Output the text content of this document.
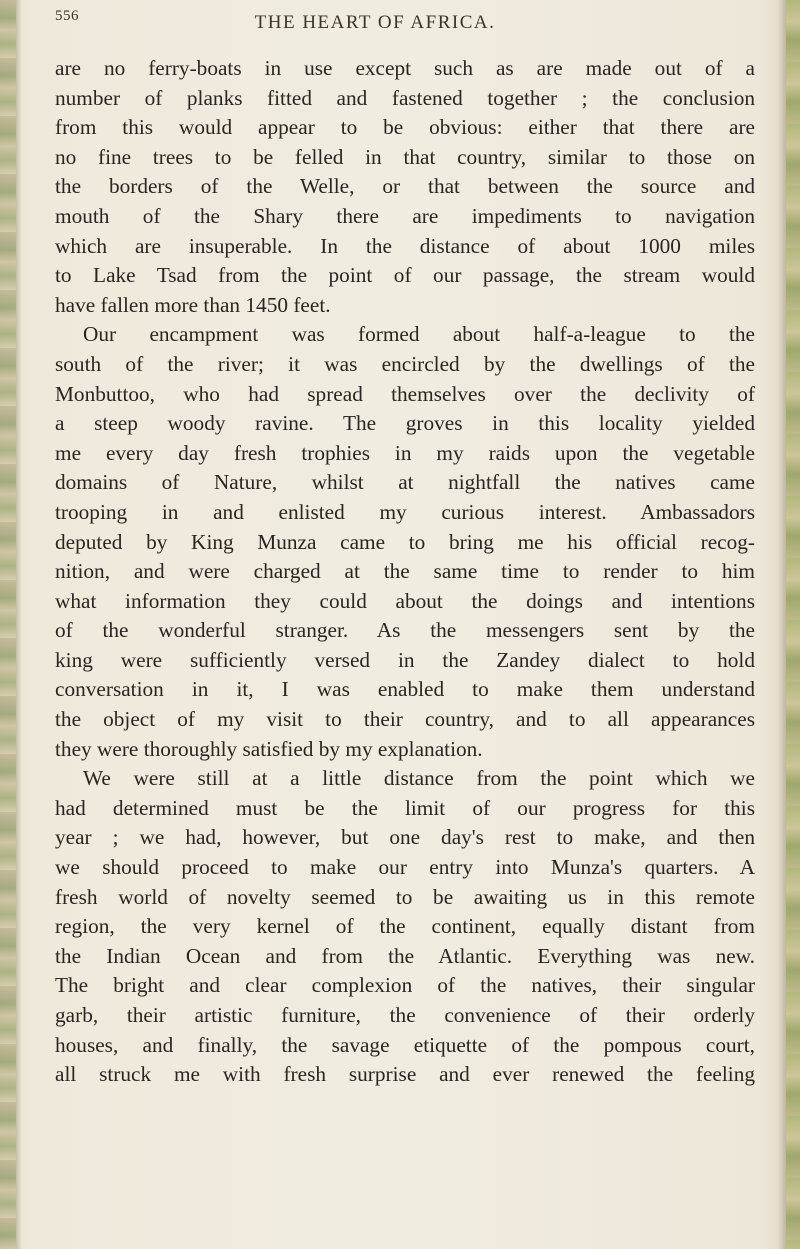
556	THE HEART OF AFRICA.
are no ferry-boats in use except such as are made out of a
number of planks fitted and fastened together ; the conclusion
from this would appear to be obvious: either that there are
no fine trees to be felled in that country, similar to those on
the borders of the Welle, or that between the source and
mouth of the Shary there are impediments to navigation
which are insuperable. In the distance of about 1000 miles
to Lake Tsad from the point of our passage, the stream would
have fallen more than 1450 feet.
Our encampment was formed about half-a-league to the
south of the river; it was encircled by the dwellings of the
Monbuttoo, who had spread themselves over the declivity of
a steep woody ravine. The groves in this locality yielded
me every day fresh trophies in my raids upon the vegetable
domains of Nature, whilst at nightfall the natives came
trooping in and enlisted my curious interest. Ambassadors
deputed by King Munza came to bring me his official recog-
nition, and were charged at the same time to render to him
what information they could about the doings and intentions
of the wonderful stranger. As the messengers sent by the
king were sufficiently versed in the Zandey dialect to hold
conversation in it, I was enabled to make them understand
the object of my visit to their country, and to all appearances
they were thoroughly satisfied by my explanation.
We were still at a little distance from the point which we
had determined must be the limit of our progress for this
year ; we had, however, but one day's rest to make, and then
we should proceed to make our entry into Munza's quarters. A
fresh world of novelty seemed to be awaiting us in this remote
region, the very kernel of the continent, equally distant from
the Indian Ocean and from the Atlantic. Everything was new.
The bright and clear complexion of the natives, their singular
garb, their artistic furniture, the convenience of their orderly
houses, and finally, the savage etiquette of the pompous court,
all struck me with fresh surprise and ever renewed the feeling
